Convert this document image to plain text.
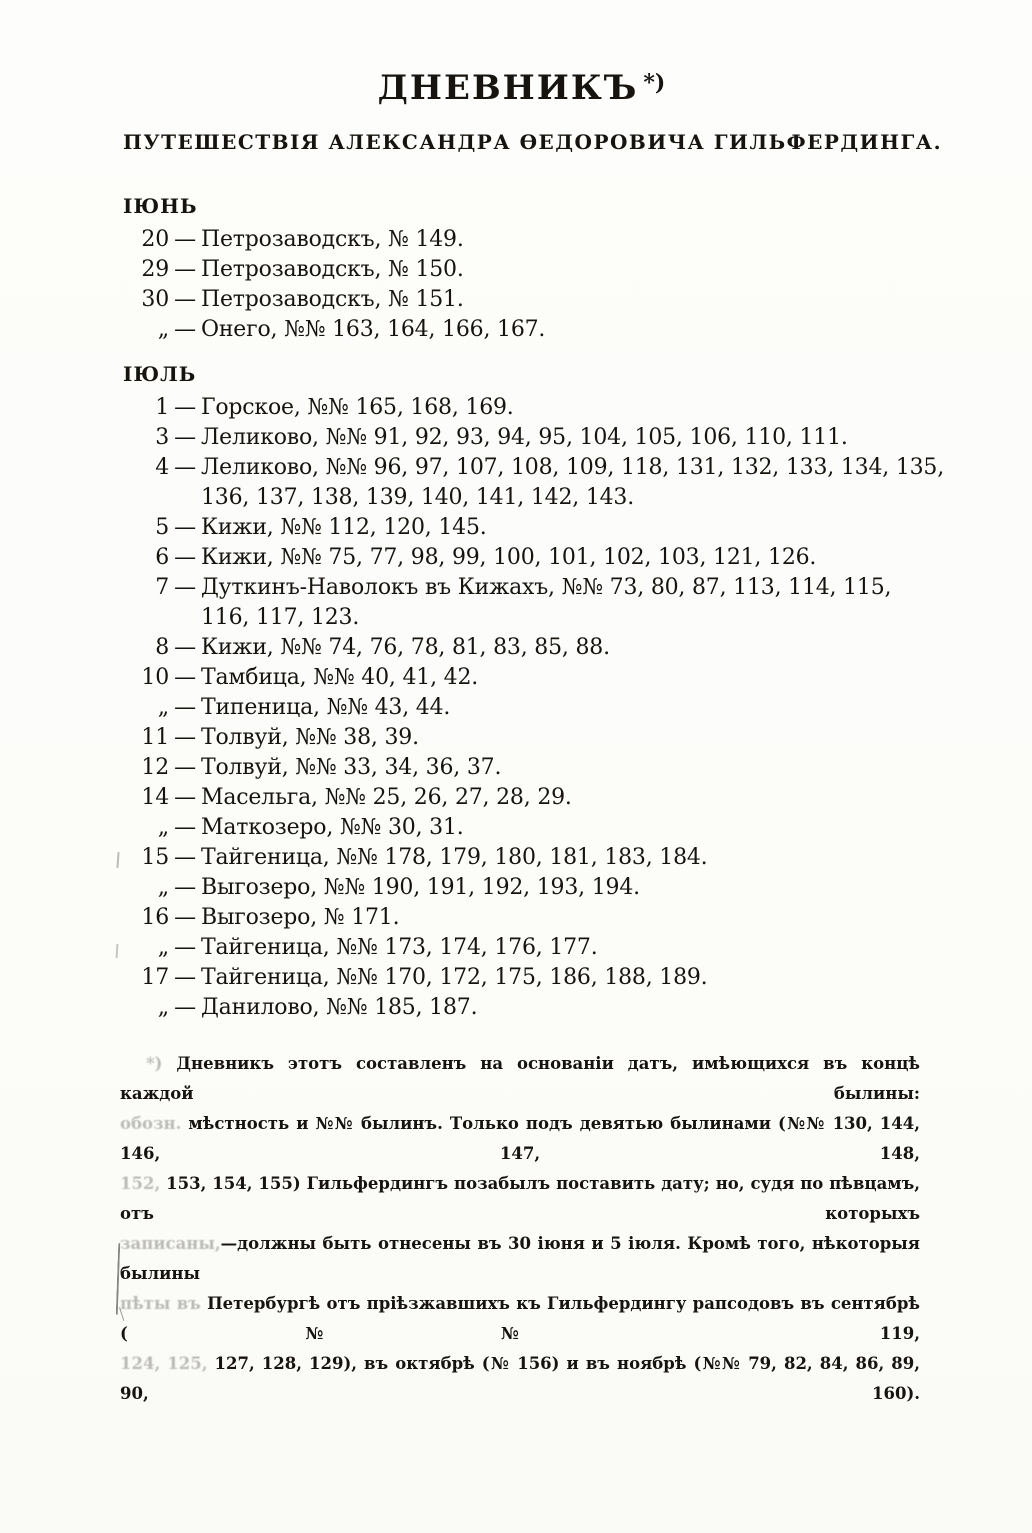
ДНЕВНИКЪ *)
ПУТЕШЕСТВІЯ АЛЕКСАНДРА ѲЕДОРОВИЧА ГИЛЬФЕРДИНГА.
ІЮНЬ
20 — Петрозаводскъ, № 149.
29 — Петрозаводскъ, № 150.
30 — Петрозаводскъ, № 151.
„ — Онего, №№ 163, 164, 166, 167.
ІЮЛЬ
1 — Горское, №№ 165, 168, 169.
3 — Леликово, №№ 91, 92, 93, 94, 95, 104, 105, 106, 110, 111.
4 — Леликово, №№ 96, 97, 107, 108, 109, 118, 131, 132, 133, 134, 135,
136, 137, 138, 139, 140, 141, 142, 143.
5 — Кижи, №№ 112, 120, 145.
6 — Кижи, №№ 75, 77, 98, 99, 100, 101, 102, 103, 121, 126.
7 — Дуткинъ-Наволокъ въ Кижахъ, №№ 73, 80, 87, 113, 114, 115,
116, 117, 123.
8 — Кижи, №№ 74, 76, 78, 81, 83, 85, 88.
10 — Тамбица, №№ 40, 41, 42.
„ — Типеница, №№ 43, 44.
11 — Толвуй, №№ 38, 39.
12 — Толвуй, №№ 33, 34, 36, 37.
14 — Масельга, №№ 25, 26, 27, 28, 29.
„ — Маткозеро, №№ 30, 31.
15 — Тайгеница, №№ 178, 179, 180, 181, 183, 184.
„ — Выгозеро, №№ 190, 191, 192, 193, 194.
16 — Выгозеро, № 171.
„ — Тайгеница, №№ 173, 174, 176, 177.
17 — Тайгеница, №№ 170, 172, 175, 186, 188, 189.
„ — Данилово, №№ 185, 187.

*) Дневникъ этотъ составленъ на основаніи датъ, имѣющихся въ концѣ каждой былины:

обозн. мѣстность и №№ былинъ. Только подъ девятью былинами (№№ 130, 144, 146, 147, 148,

152, 153, 154, 155) Гильфердингъ позабылъ поставить дату; но, судя по пѣвцамъ, отъ которыхъ

записаны,—должны быть отнесены въ 30 іюня и 5 іюля. Кромѣ того, нѣкоторыя былины

пѣты въ Петербургѣ отъ пріѣзжавшихъ къ Гильфердингу рапсодовъ въ сентябрѣ (№№ 119,

124, 125, 127, 128, 129), въ октябрѣ (№ 156) и въ ноябрѣ (№№ 79, 82, 84, 86, 89, 90, 160).
